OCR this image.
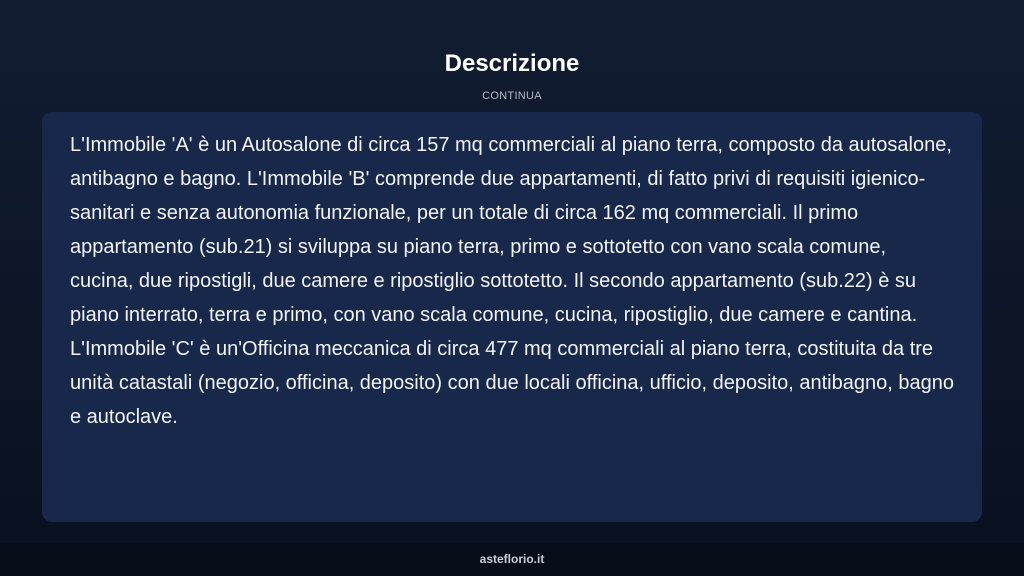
Descrizione
CONTINUA

L'Immobile 'A' è un Autosalone di circa 157 mq commerciali al piano terra, composto da autosalone, antibagno e bagno. L'Immobile 'B' comprende due appartamenti, di fatto privi di requisiti igienico-sanitari e senza autonomia funzionale, per un totale di circa 162 mq commerciali. Il primo appartamento (sub.21) si sviluppa su piano terra, primo e sottotetto con vano scala comune, cucina, due ripostigli, due camere e ripostiglio sottotetto. Il secondo appartamento (sub.22) è su piano interrato, terra e primo, con vano scala comune, cucina, ripostiglio, due camere e cantina. L'Immobile 'C' è un'Officina meccanica di circa 477 mq commerciali al piano terra, costituita da tre unità catastali (negozio, officina, deposito) con due locali officina, ufficio, deposito, antibagno, bagno e autoclave.

asteflorio.it
